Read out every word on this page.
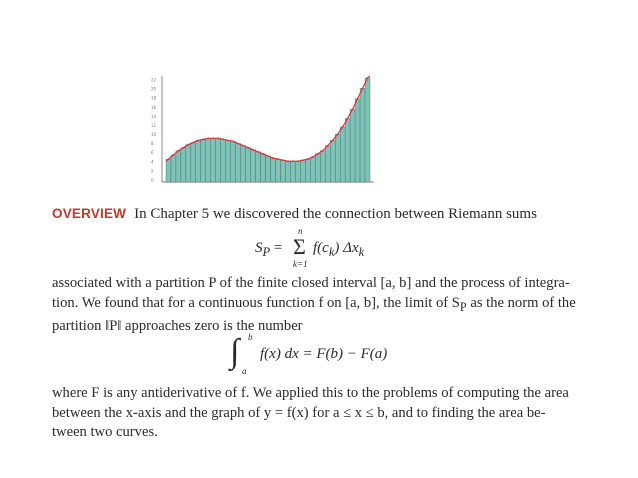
22
20
18
16
14
12
10
8
6
4
2
0
OVERVIEW In Chapter 5 we discovered the connection between Riemann sums
$S_P$ =
n
Σ
k=1
$f(c_k)$ $\Delta x_k$
associated with a partition P of the finite closed interval [a, b] and the process of integra-
tion. We found that for a continuous function f on [a, b], the limit of $S_P$ as the norm of the
partition ‖P‖ approaches zero is the number
∫ b
a
f(x) dx = F(b) − F(a)
where F is any antiderivative of f. We applied this to the problems of computing the area
between the x-axis and the graph of y = f(x) for a ≤ x ≤ b, and to finding the area be-
tween two curves.
